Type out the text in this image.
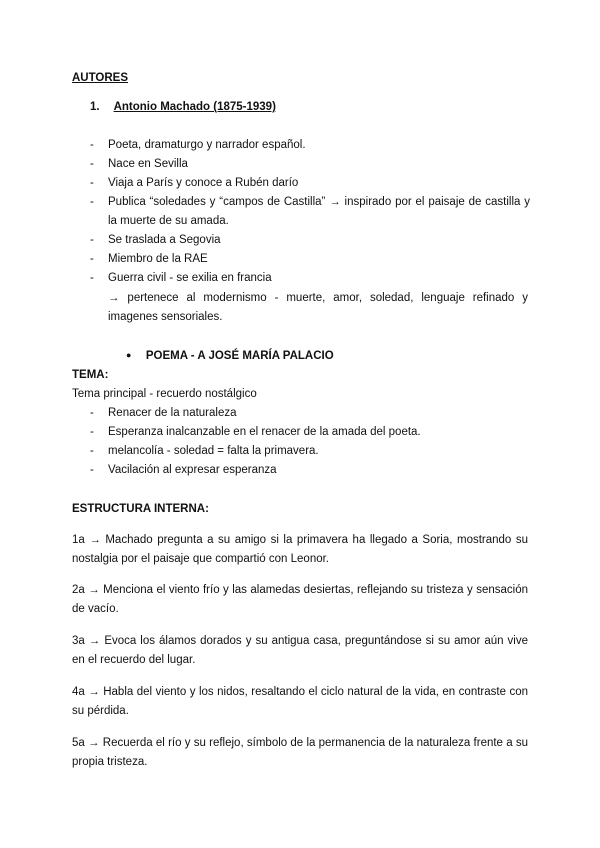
AUTORES
1. Antonio Machado (1875-1939)
- Poeta, dramaturgo y narrador español.
- Nace en Sevilla
- Viaja a París y conoce a Rubén darío
- Publica “soledades y “campos de Castilla” → inspirado por el paisaje de castilla y la muerte de su amada.
- Se traslada a Segovia
- Miembro de la RAE
- Guerra civil - se exilia en francia
→ pertenece al modernismo - muerte, amor, soledad, lenguaje refinado y imagenes sensoriales.
● POEMA - A JOSÉ MARÍA PALACIO
TEMA:
Tema principal - recuerdo nostálgico
- Renacer de la naturaleza
- Esperanza inalcanzable en el renacer de la amada del poeta.
- melancolía - soledad = falta la primavera.
- Vacilación al expresar esperanza
ESTRUCTURA INTERNA:
1a → Machado pregunta a su amigo si la primavera ha llegado a Soria, mostrando su nostalgia por el paisaje que compartió con Leonor.
2a → Menciona el viento frío y las alamedas desiertas, reflejando su tristeza y sensación de vacío.
3a → Evoca los álamos dorados y su antigua casa, preguntándose si su amor aún vive en el recuerdo del lugar.
4a → Habla del viento y los nidos, resaltando el ciclo natural de la vida, en contraste con su pérdida.
5a → Recuerda el río y su reflejo, símbolo de la permanencia de la naturaleza frente a su propia tristeza.
